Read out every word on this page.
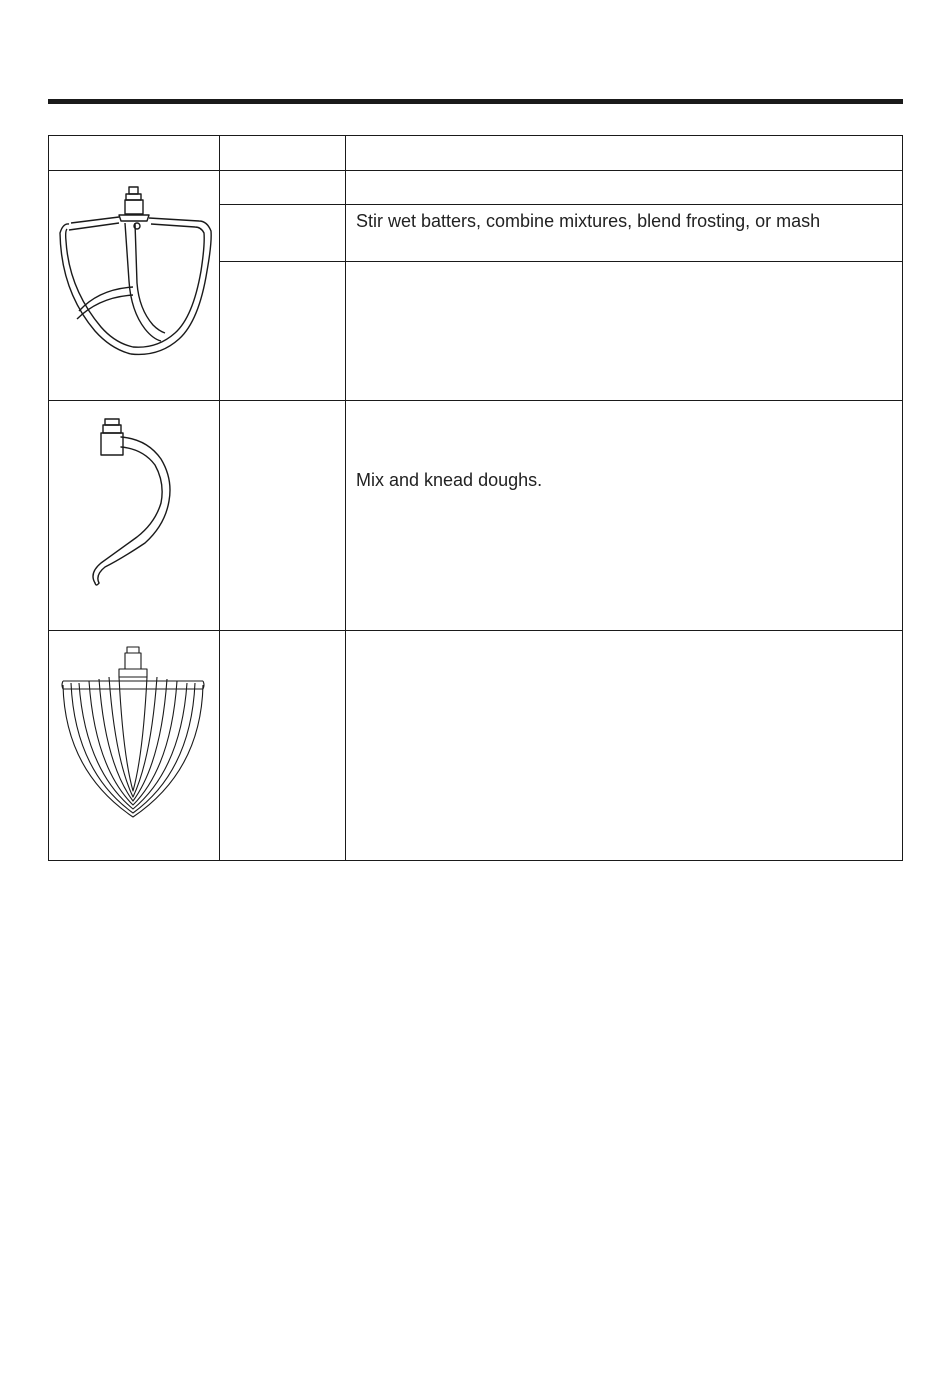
Stir wet batters, combine mixtures, blend frosting, or mash
Mix and knead doughs.
